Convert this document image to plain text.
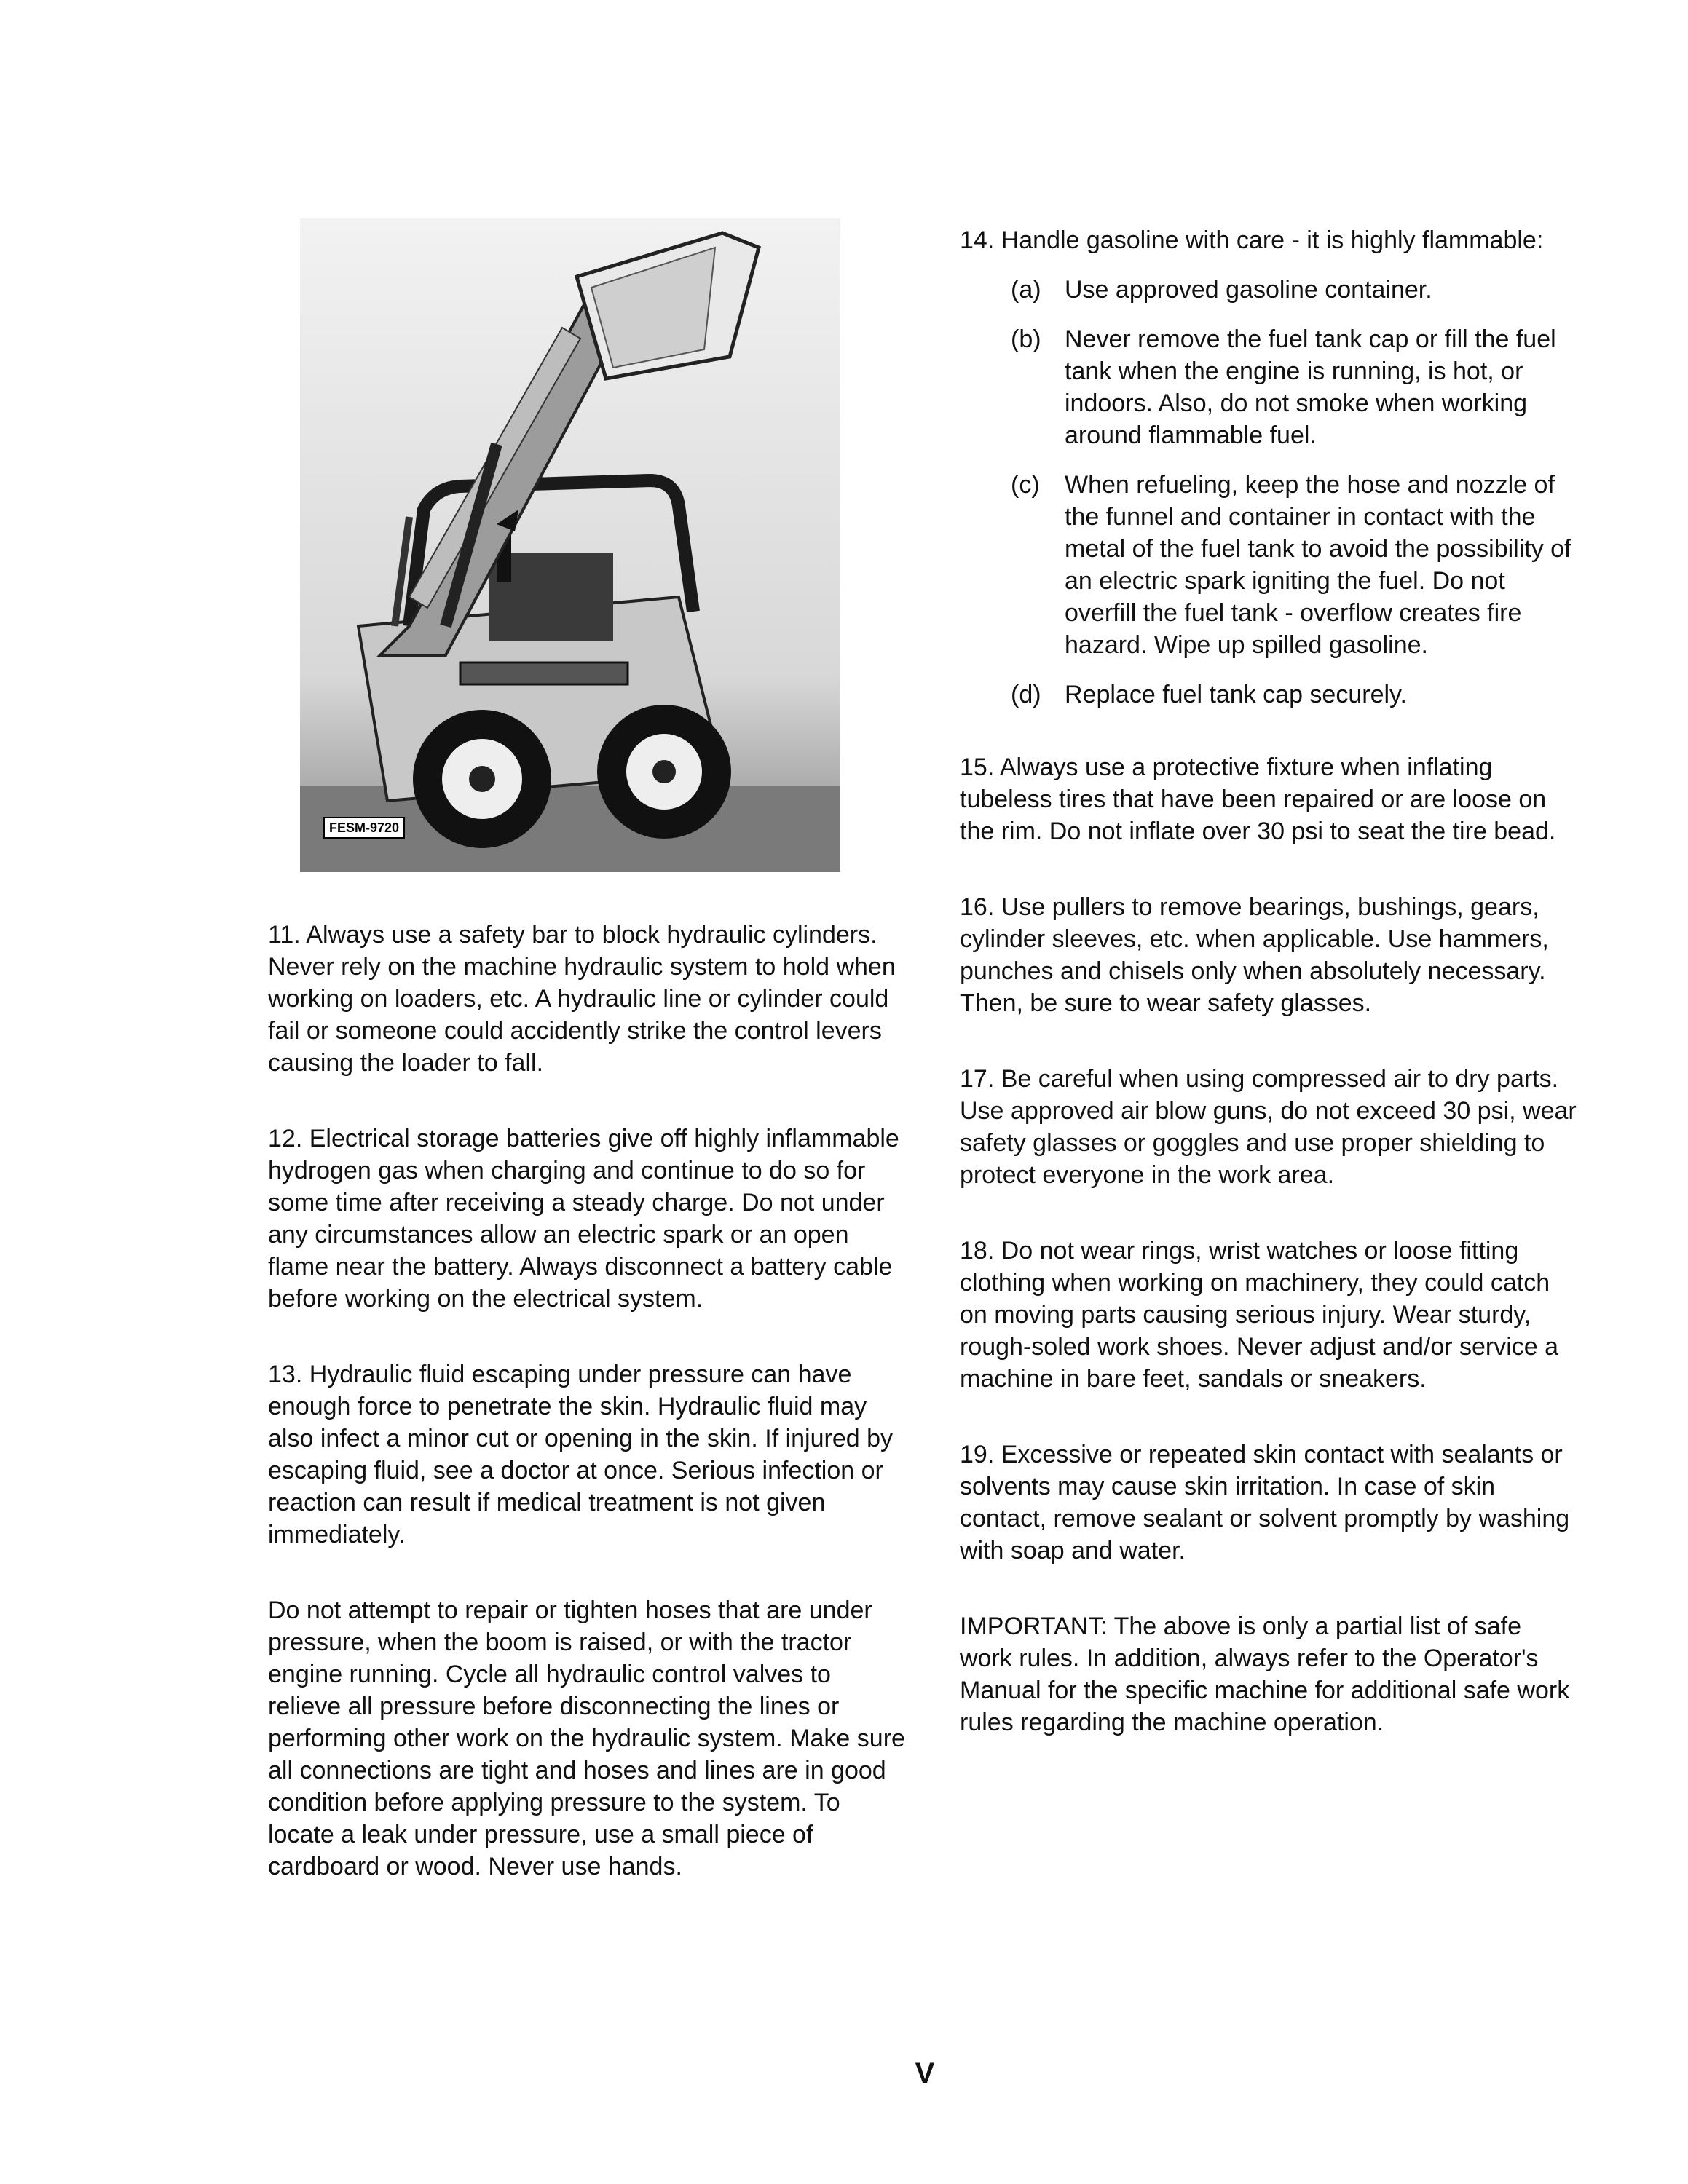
FESM-9720

11. Always use a safety bar to block hydraulic cylinders. Never rely on the machine hydraulic system to hold when working on loaders, etc. A hydraulic line or cylinder could fail or someone could accidently strike the control levers causing the loader to fall.

12. Electrical storage batteries give off highly inflammable hydrogen gas when charging and continue to do so for some time after receiving a steady charge. Do not under any circumstances allow an electric spark or an open flame near the battery. Always disconnect a battery cable before working on the electrical system.

13. Hydraulic fluid escaping under pressure can have enough force to penetrate the skin. Hydraulic fluid may also infect a minor cut or opening in the skin. If injured by escaping fluid, see a doctor at once. Serious infection or reaction can result if medical treatment is not given immediately.

Do not attempt to repair or tighten hoses that are under pressure, when the boom is raised, or with the tractor engine running. Cycle all hydraulic control valves to relieve all pressure before disconnecting the lines or performing other work on the hydraulic system. Make sure all connections are tight and hoses and lines are in good condition before applying pressure to the system. To locate a leak under pressure, use a small piece of cardboard or wood. Never use hands.

14. Handle gasoline with care - it is highly flammable:

(a) Use approved gasoline container.
(b) Never remove the fuel tank cap or fill the fuel tank when the engine is running, is hot, or indoors. Also, do not smoke when working around flammable fuel.
(c)	When refueling, keep the hose and nozzle of the funnel and container in contact with the metal of the fuel tank to avoid the possibility of an electric spark igniting the fuel. Do not overfill the fuel tank - overflow creates fire hazard. Wipe up spilled gasoline.
(d) Replace fuel tank cap securely.

15. Always use a protective fixture when inflating tubeless tires that have been repaired or are loose on the rim. Do not inflate over 30 psi to seat the tire bead.

16. Use pullers to remove bearings, bushings, gears, cylinder sleeves, etc. when applicable. Use hammers, punches and chisels only when absolutely necessary. Then, be sure to wear safety glasses.

17. Be careful when using compressed air to dry parts. Use approved air blow guns, do not exceed 30 psi, wear safety glasses or goggles and use proper shielding to protect everyone in the work area.

18. Do not wear rings, wrist watches or loose fitting clothing when working on machinery, they could catch on moving parts causing serious injury. Wear sturdy, rough-soled work shoes. Never adjust and/or service a machine in bare feet, sandals or sneakers.

19. Excessive or repeated skin contact with sealants or solvents may cause skin irritation. In case of skin contact, remove sealant or solvent promptly by washing with soap and water.

IMPORTANT: The above is only a partial list of safe work rules. In addition, always refer to the Operator's Manual for the specific machine for additional safe work rules regarding the machine operation.

V
